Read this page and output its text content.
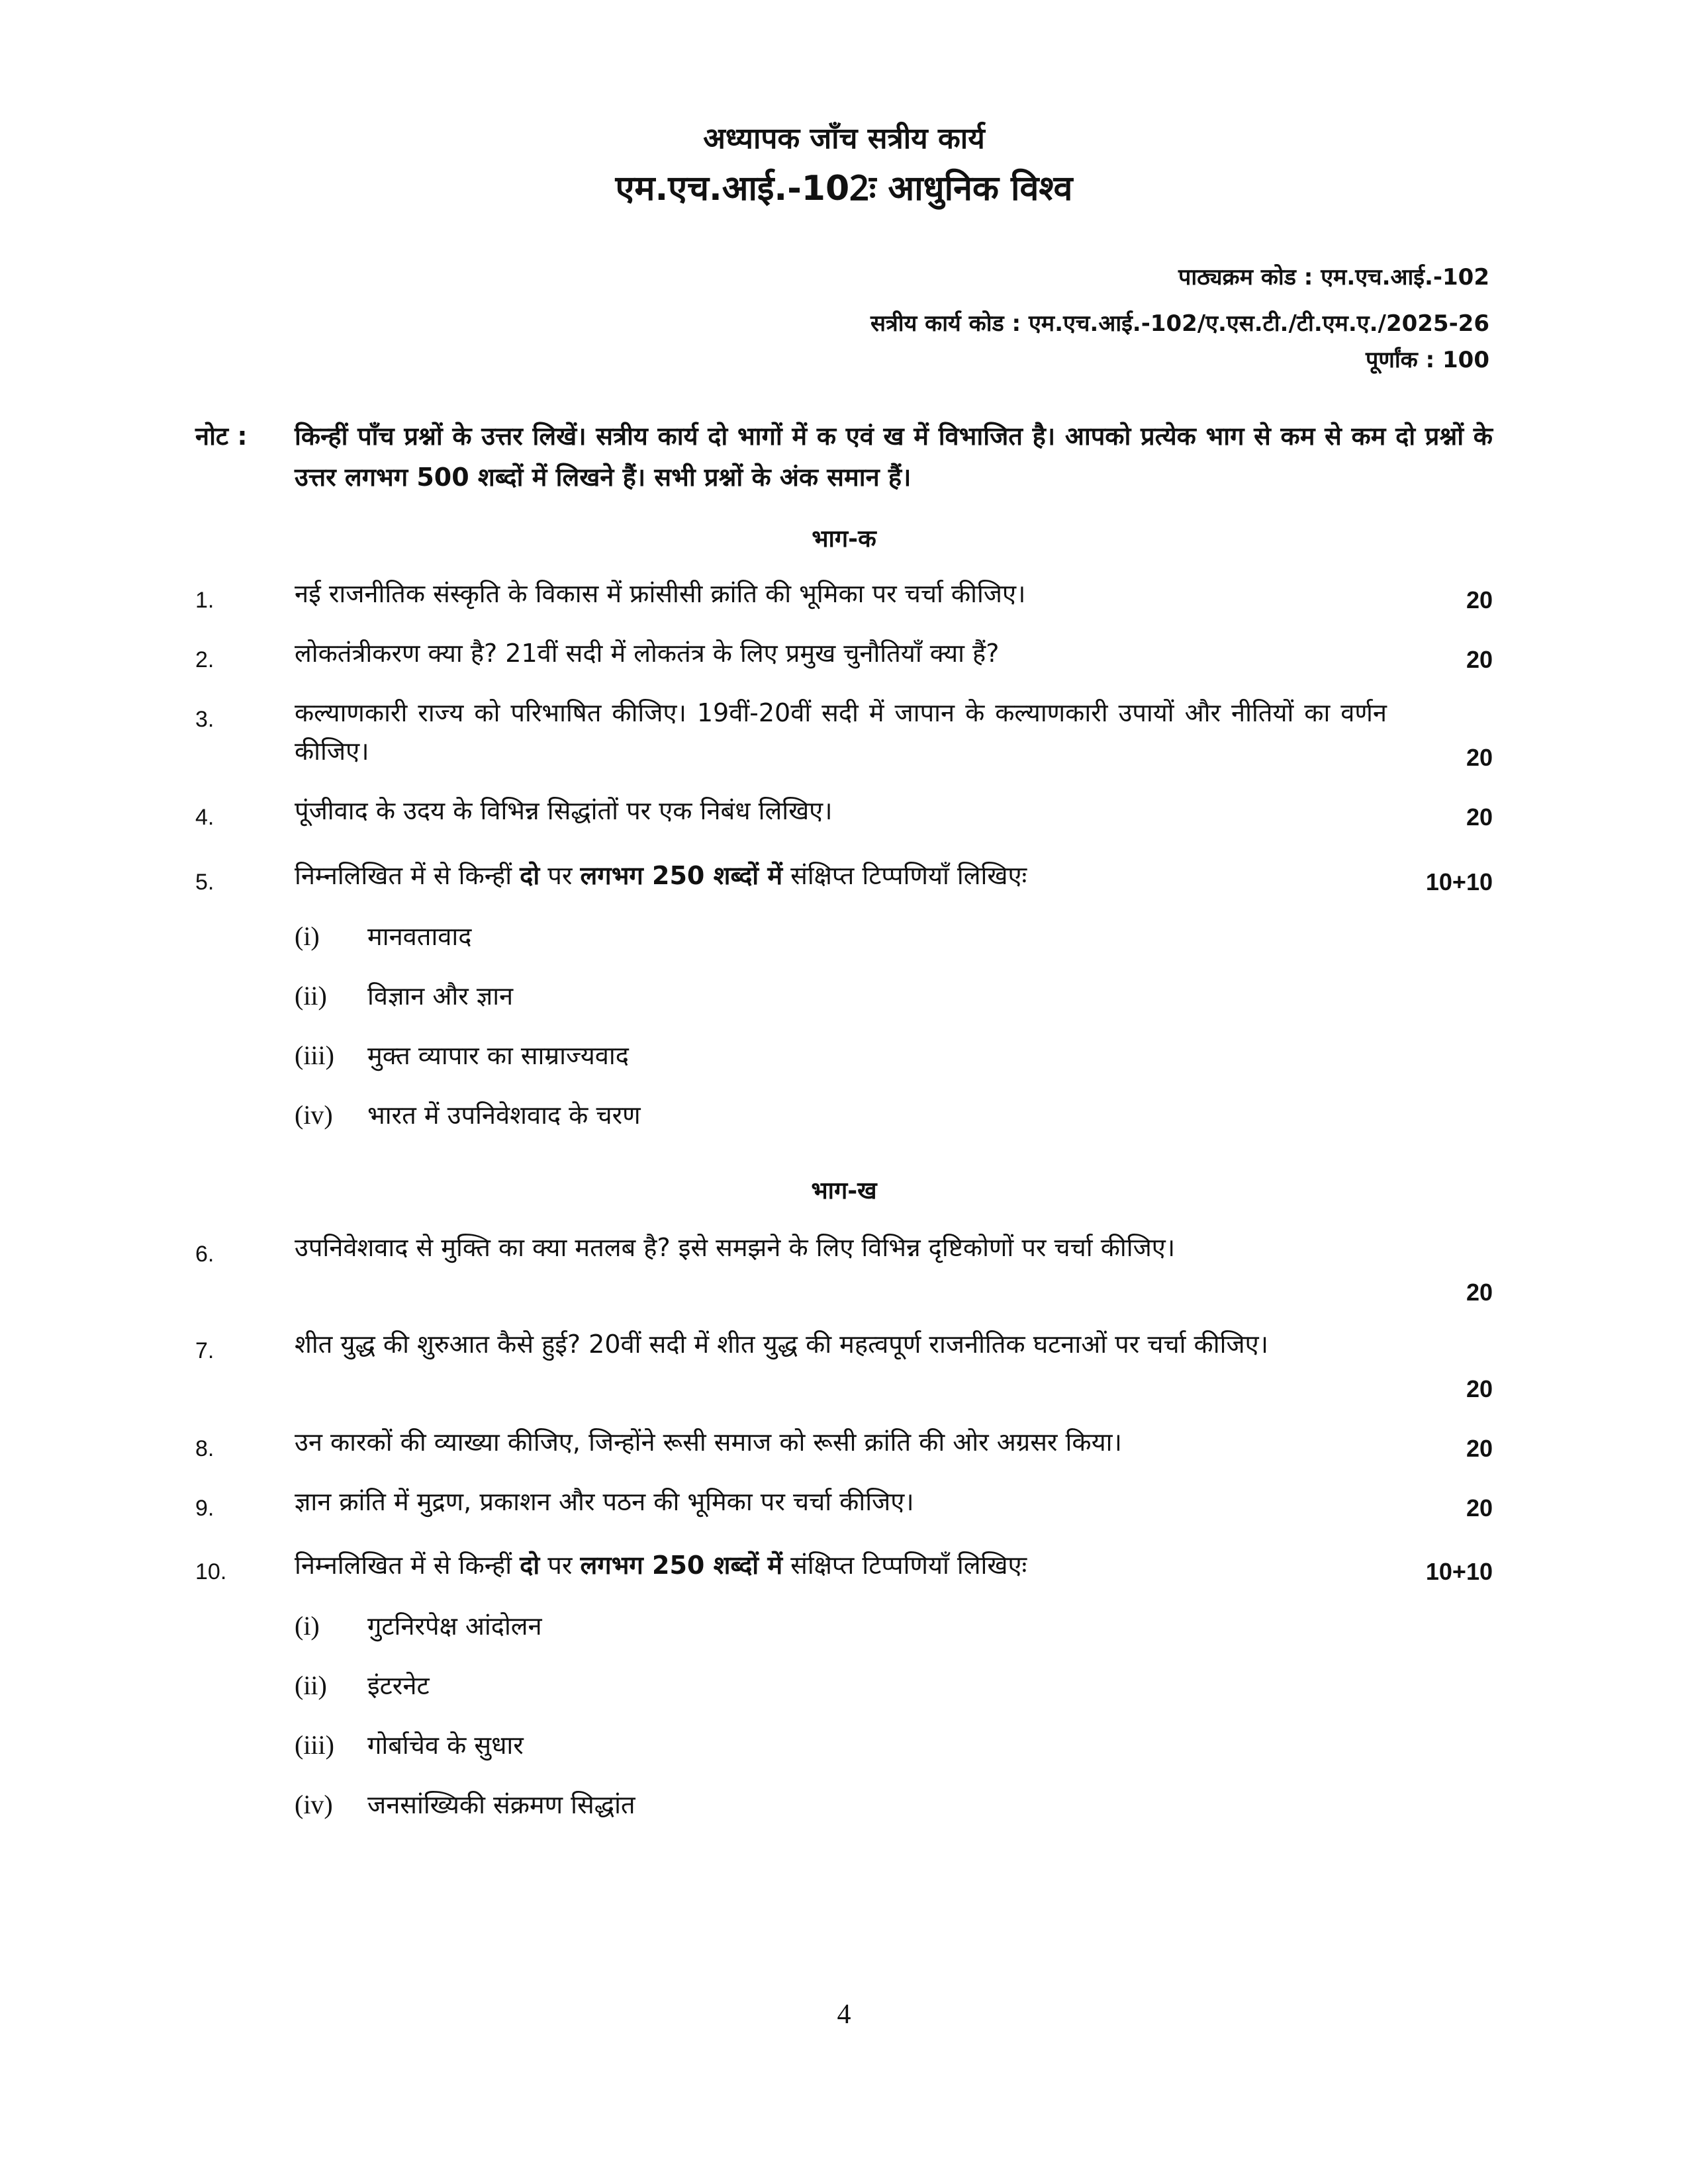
अध्यापक जाँच सत्रीय कार्य
एम.एच.आई.-102ः आधुनिक विश्व
पाठ्यक्रम कोड : एम.एच.आई.-102
सत्रीय कार्य कोड : एम.एच.आई.-102/ए.एस.टी./टी.एम.ए./2025-26
पूर्णांक : 100
नोट : किन्हीं पाँच प्रश्नों के उत्तर लिखें। सत्रीय कार्य दो भागों में क एवं ख में विभाजित है। आपको प्रत्येक भाग से कम से कम दो प्रश्नों के उत्तर लगभग 500 शब्दों में लिखने हैं। सभी प्रश्नों के अंक समान हैं।
भाग-क
1.	नई राजनीतिक संस्कृति के विकास में फ्रांसीसी क्रांति की भूमिका पर चर्चा कीजिए।	20
2.	लोकतंत्रीकरण क्या है? 21वीं सदी में लोकतंत्र के लिए प्रमुख चुनौतियाँ क्या हैं?	20
3.	कल्याणकारी राज्य को परिभाषित कीजिए। 19वीं-20वीं सदी में जापान के कल्याणकारी उपायों और नीतियों का वर्णन कीजिए।	20
4.	पूंजीवाद के उदय के विभिन्न सिद्धांतों पर एक निबंध लिखिए।	20
5.	निम्नलिखित में से किन्हीं दो पर लगभग 250 शब्दों में संक्षिप्त टिप्पणियाँ लिखिएः	10+10
(i) मानवतावाद
(ii) विज्ञान और ज्ञान
(iii) मुक्त व्यापार का साम्राज्यवाद
(iv) भारत में उपनिवेशवाद के चरण
भाग-ख
6.	उपनिवेशवाद से मुक्ति का क्या मतलब है? इसे समझने के लिए विभिन्न दृष्टिकोणों पर चर्चा कीजिए।
20
7.	शीत युद्ध की शुरुआत कैसे हुई? 20वीं सदी में शीत युद्ध की महत्वपूर्ण राजनीतिक घटनाओं पर चर्चा कीजिए।
20
8.	उन कारकों की व्याख्या कीजिए, जिन्होंने रूसी समाज को रूसी क्रांति की ओर अग्रसर किया।	20
9.	ज्ञान क्रांति में मुद्रण, प्रकाशन और पठन की भूमिका पर चर्चा कीजिए।	20
10.	निम्नलिखित में से किन्हीं दो पर लगभग 250 शब्दों में संक्षिप्त टिप्पणियाँ लिखिएः	10+10
(i) गुटनिरपेक्ष आंदोलन
(ii) इंटरनेट
(iii) गोर्बाचेव के सुधार
(iv) जनसांख्यिकी संक्रमण सिद्धांत
4
